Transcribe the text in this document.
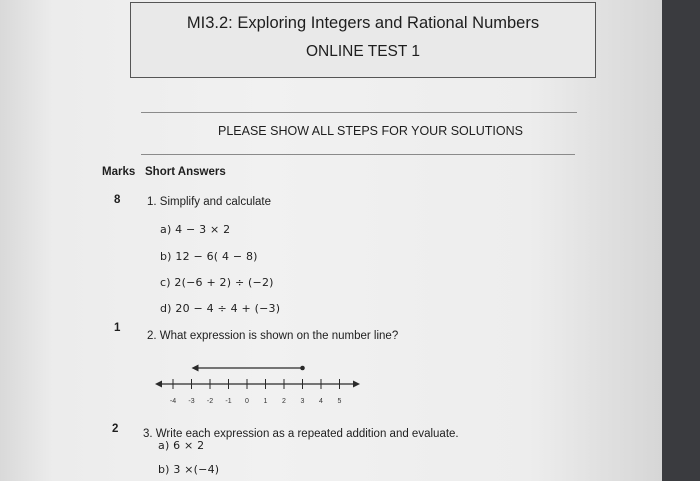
MI3.2: Exploring Integers and Rational Numbers
ONLINE TEST 1
PLEASE SHOW ALL STEPS FOR YOUR SOLUTIONS
Marks Short Answers
8 1. Simplify and calculate
a) 4 − 3 × 2
b) 12 − 6( 4 − 8)
c) 2(−6 + 2) ÷ (−2)
d) 20 − 4 ÷ 4 + (−3)
1
2. What expression is shown on the number line?
-4 -3 -2 -1 0 1 2 3 4 5
2 3. Write each expression as a repeated addition and evaluate.
a) 6 × 2
b) 3 ×(−4)
